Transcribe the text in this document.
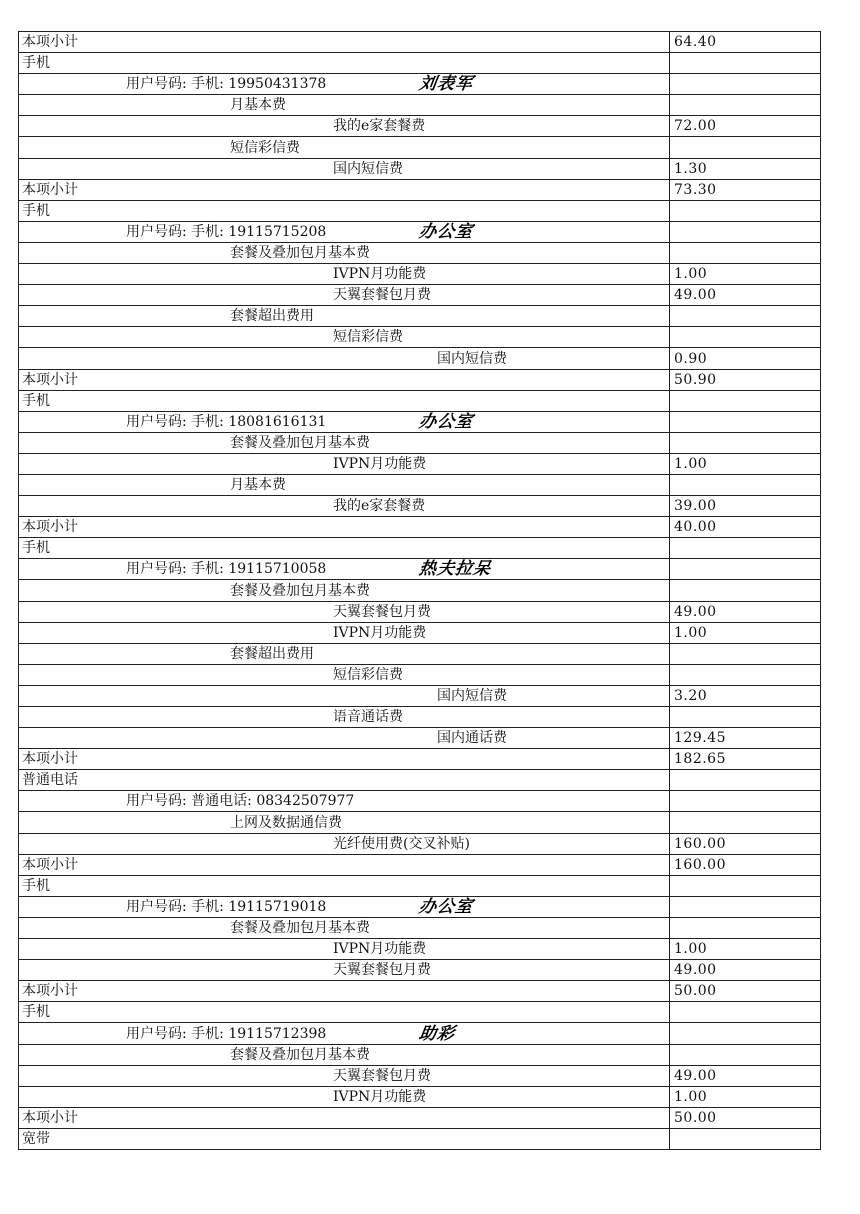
本项小计	64.40

手机	

用户号码: 手机: 19950431378 刘表军	

月基本费	

我的e家套餐费	72.00

短信彩信费	

国内短信费	1.30

本项小计	73.30

手机	

用户号码: 手机: 19115715208 办公室	

套餐及叠加包月基本费	

IVPN月功能费	1.00

天翼套餐包月费	49.00

套餐超出费用	

短信彩信费	

国内短信费	0.90

本项小计	50.90

手机	

用户号码: 手机: 18081616131 办公室	

套餐及叠加包月基本费	

IVPN月功能费	1.00

月基本费	

我的e家套餐费	39.00

本项小计	40.00

手机	

用户号码: 手机: 19115710058 热夫拉呆	

套餐及叠加包月基本费	

天翼套餐包月费	49.00

IVPN月功能费	1.00

套餐超出费用	

短信彩信费	

国内短信费	3.20

语音通话费	

国内通话费	129.45

本项小计	182.65

普通电话	

用户号码: 普通电话: 08342507977	

上网及数据通信费	

光纤使用费(交叉补贴)	160.00

本项小计	160.00

手机	

用户号码: 手机: 19115719018 办公室	

套餐及叠加包月基本费	

IVPN月功能费	1.00

天翼套餐包月费	49.00

本项小计	50.00

手机	

用户号码: 手机: 19115712398 助彩	

套餐及叠加包月基本费	

天翼套餐包月费	49.00

IVPN月功能费	1.00

本项小计	50.00

宽带	
